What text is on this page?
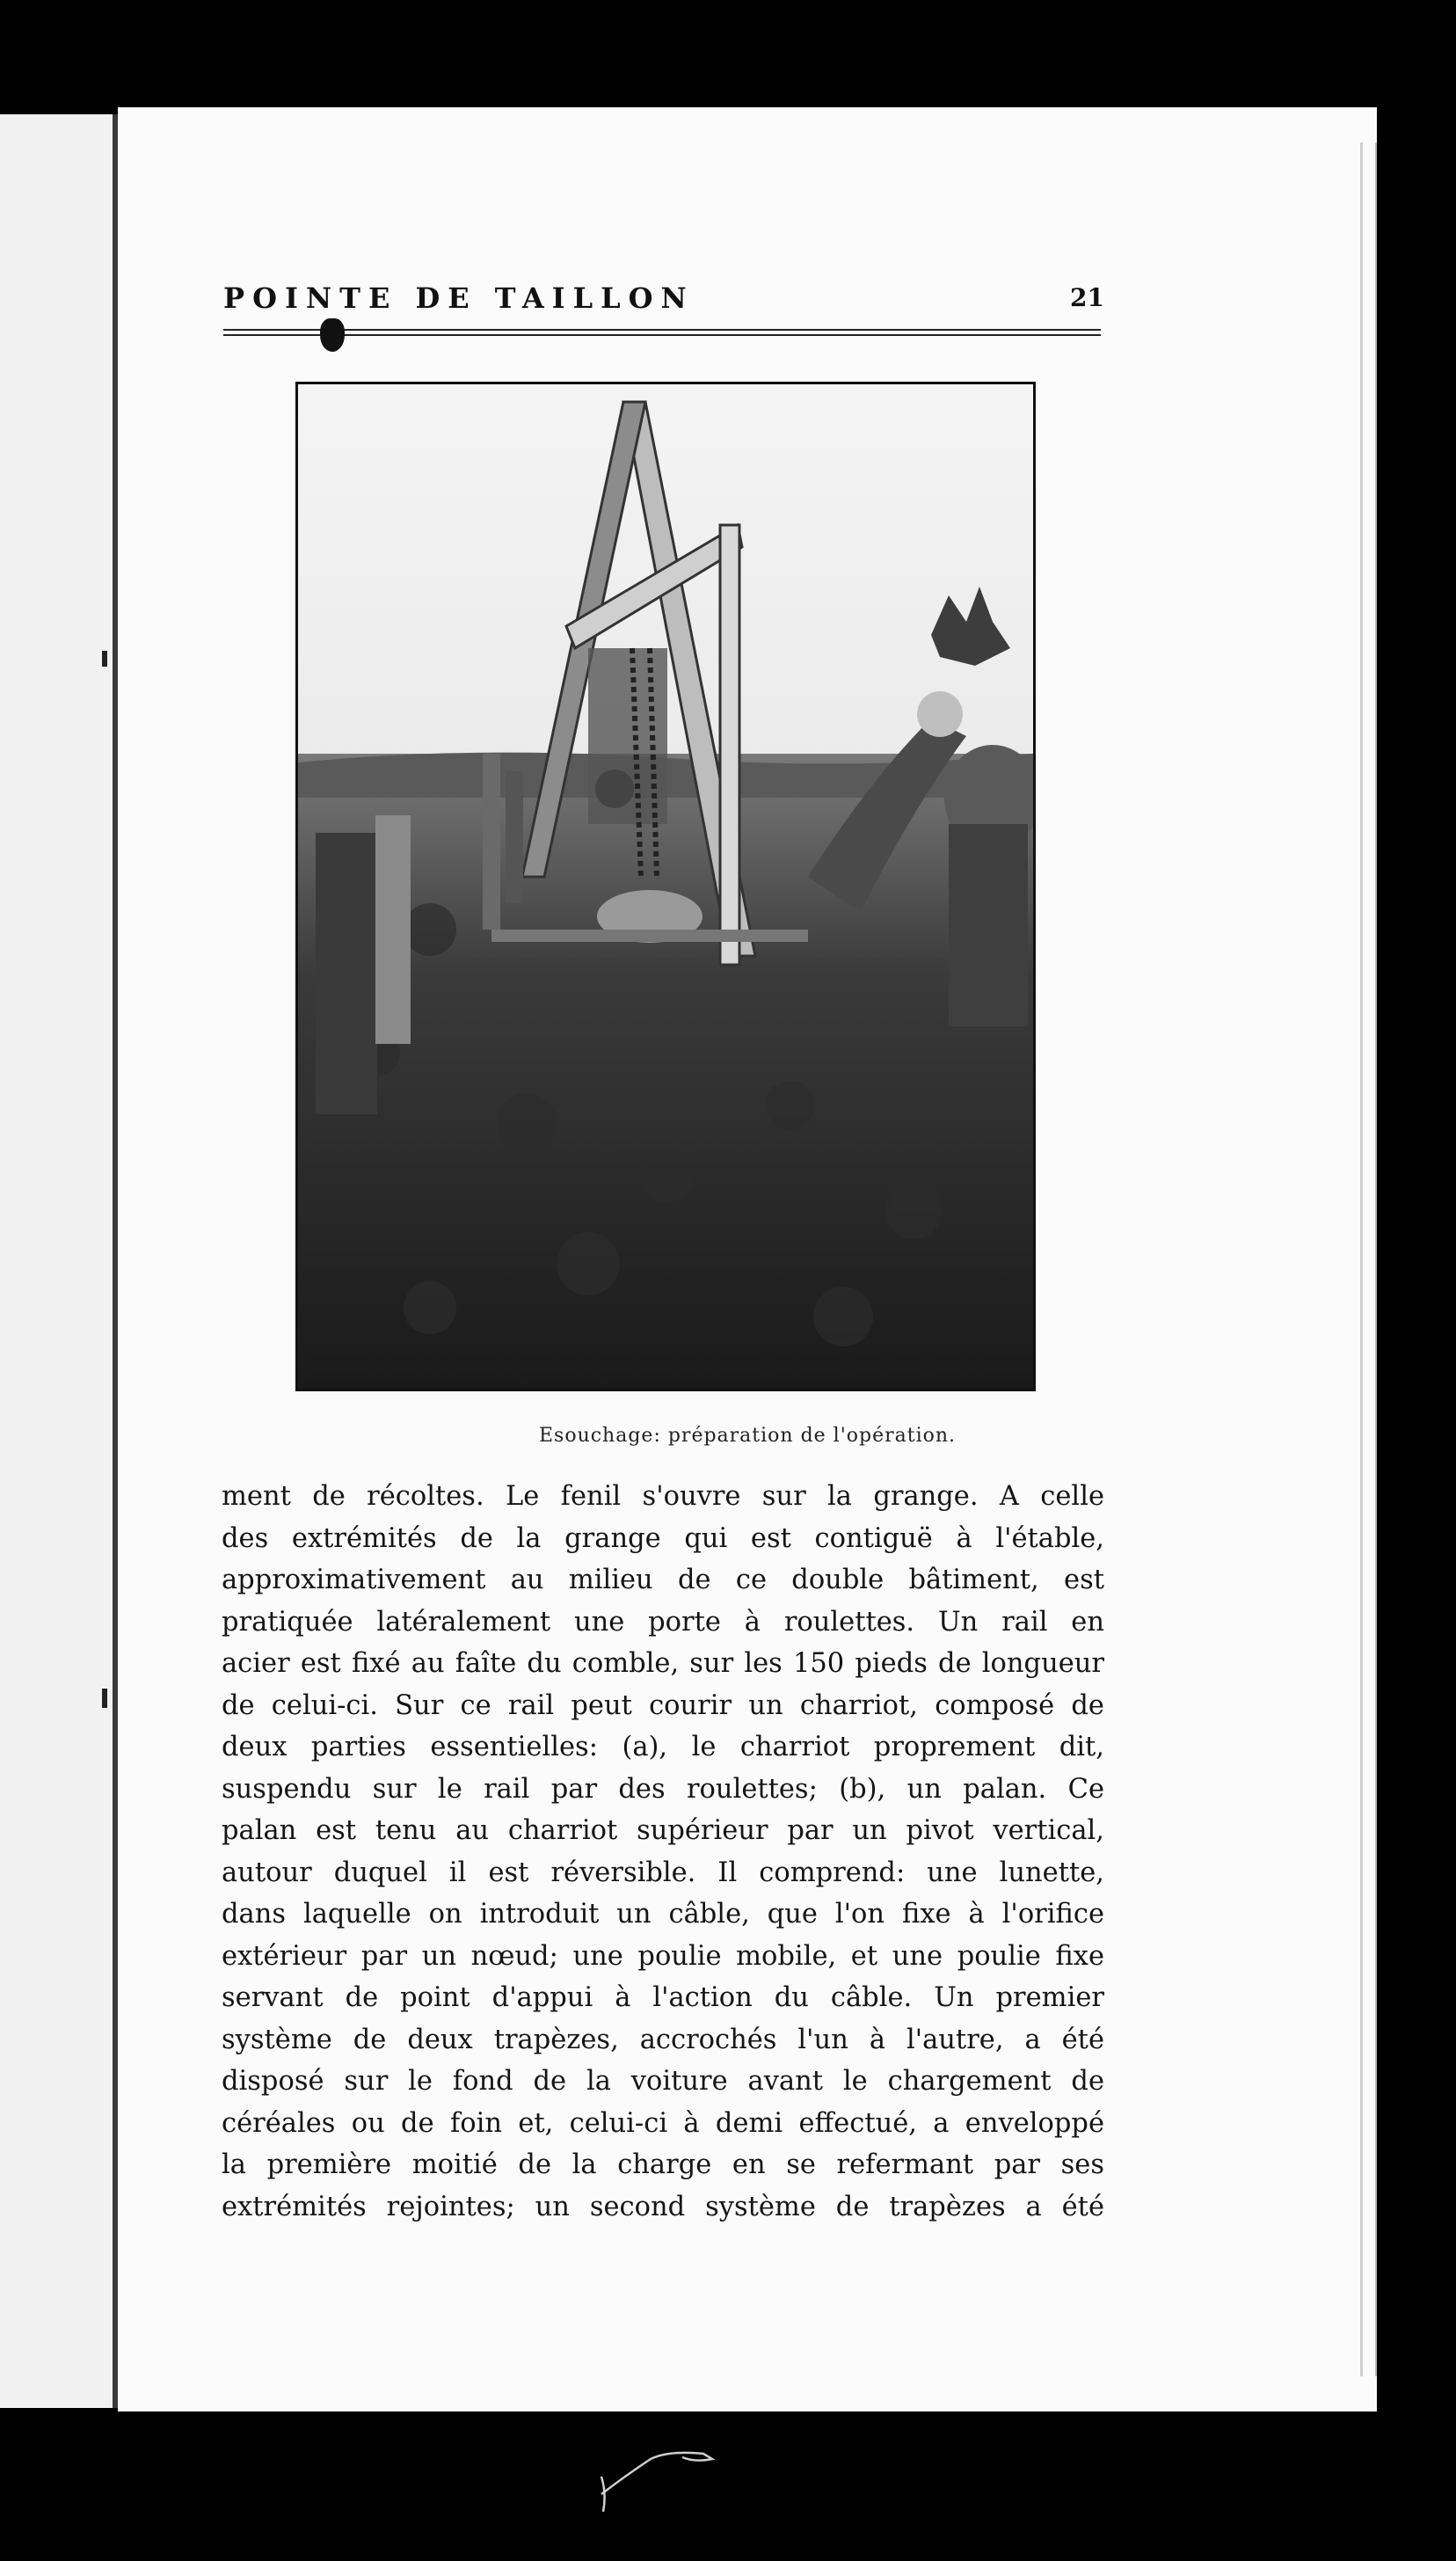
POINTE DE TAILLON	21
Esouchage: préparation de l'opération.
ment de récoltes. Le fenil s'ouvre sur la grange. A celle
des extrémités de la grange qui est contiguë à l'étable,
approximativement au milieu de ce double bâtiment, est
pratiquée latéralement une porte à roulettes. Un rail en
acier est fixé au faîte du comble, sur les 150 pieds de longueur
de celui-ci. Sur ce rail peut courir un charriot, composé de
deux parties essentielles: (a), le charriot proprement dit,
suspendu sur le rail par des roulettes; (b), un palan. Ce
palan est tenu au charriot supérieur par un pivot vertical,
autour duquel il est réversible. Il comprend: une lunette,
dans laquelle on introduit un câble, que l'on fixe à l'orifice
extérieur par un nœud; une poulie mobile, et une poulie fixe
servant de point d'appui à l'action du câble. Un premier
système de deux trapèzes, accrochés l'un à l'autre, a été
disposé sur le fond de la voiture avant le chargement de
céréales ou de foin et, celui-ci à demi effectué, a enveloppé
la première moitié de la charge en se refermant par ses
extrémités rejointes; un second système de trapèzes a été
